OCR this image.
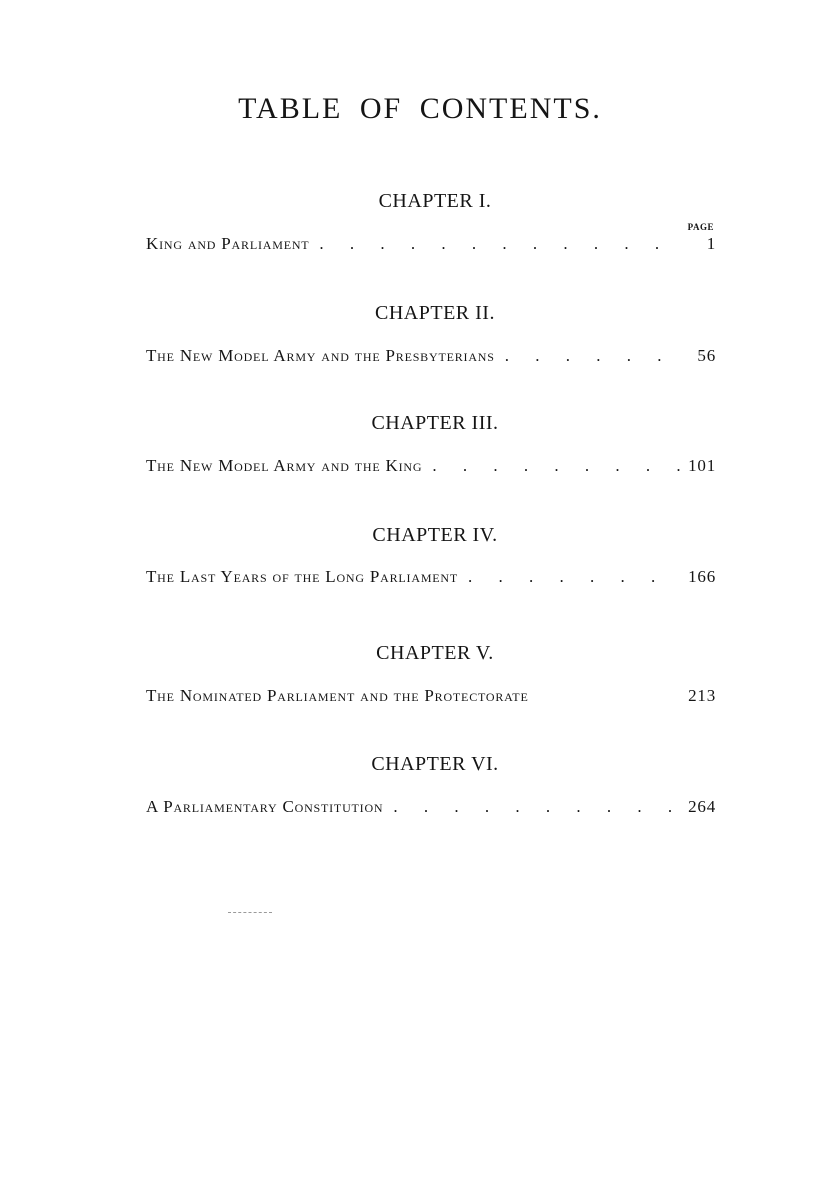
TABLE OF CONTENTS.
PAGE
CHAPTER I.
King and Parliament . . .	1
CHAPTER II.
The New Model Army and the Presbyterians . . .	56
CHAPTER III.
The New Model Army and the King . . .	101
CHAPTER IV.
The Last Years of the Long Parliament . . .	166
CHAPTER V.
The Nominated Parliament and the Protectorate	213
CHAPTER VI.
A Parliamentary Constitution . . .	264
